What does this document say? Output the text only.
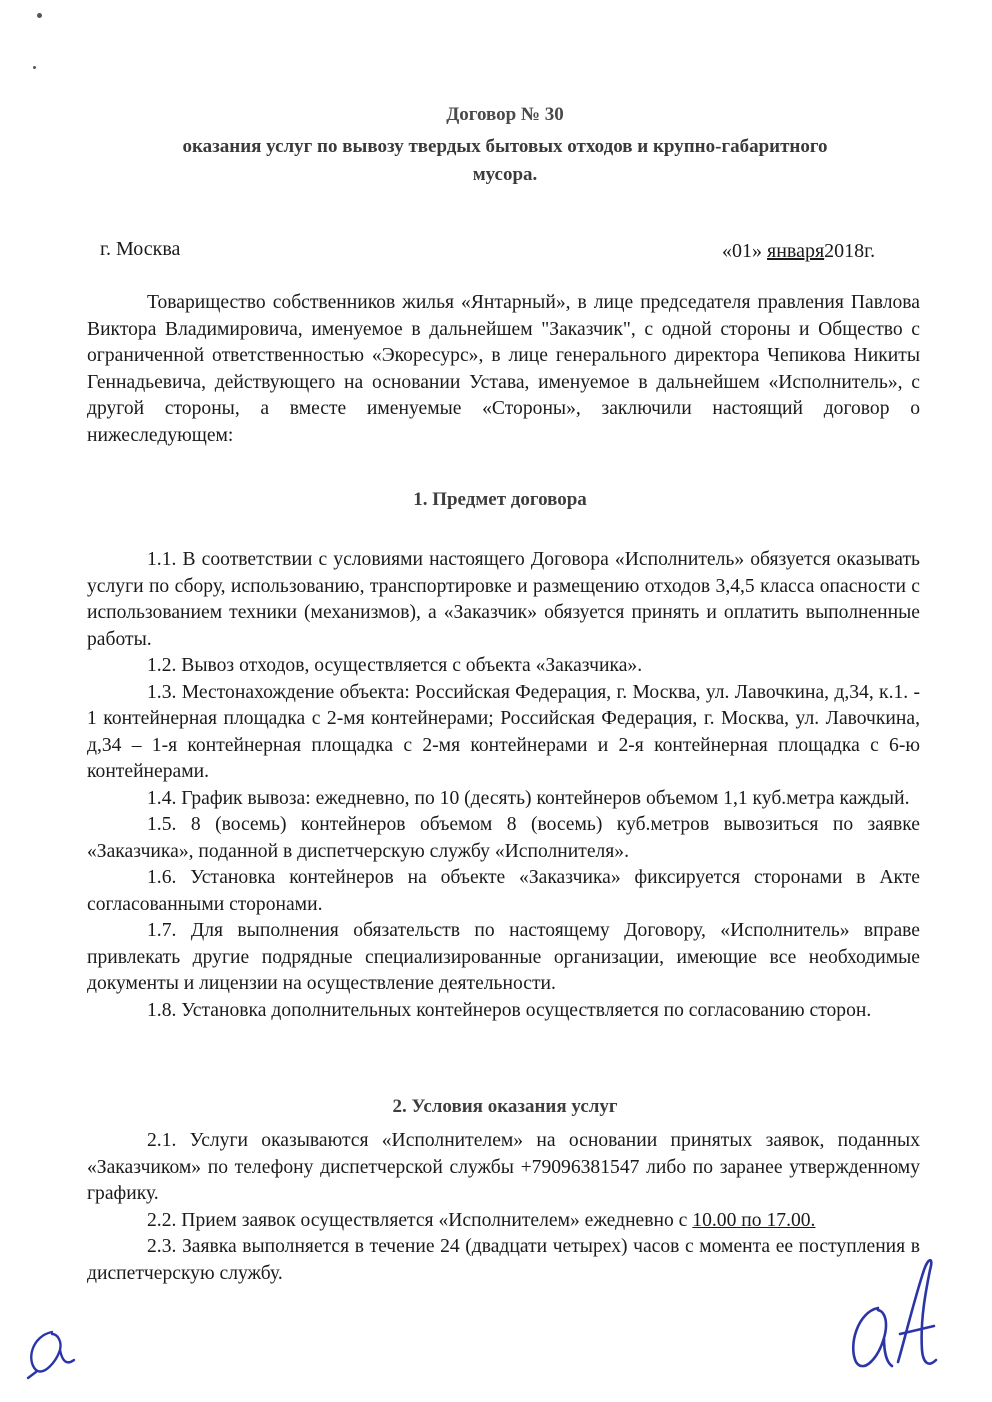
Договор № 30
оказания услуг по вывозу твердых бытовых отходов и крупно-габаритного
мусора.
г. Москва	«01» января2018г.

Товарищество собственников жилья «Янтарный», в лице председателя правления Павлова Виктора Владимировича, именуемое в дальнейшем "Заказчик", с одной стороны и Общество с ограниченной ответственностью «Экоресурс», в лице генерального директора Чепикова Никиты Геннадьевича, действующего на основании Устава, именуемое в дальнейшем «Исполнитель», с другой стороны, а вместе именуемые «Стороны», заключили настоящий договор о нижеследующем:

1. Предмет договора

1.1. В соответствии с условиями настоящего Договора «Исполнитель» обязуется оказывать услуги по сбору, использованию, транспортировке и размещению отходов 3,4,5 класса опасности с использованием техники (механизмов), а «Заказчик» обязуется принять и оплатить выполненные работы.

1.2. Вывоз отходов, осуществляется с объекта «Заказчика».

1.3. Местонахождение объекта: Российская Федерация, г. Москва, ул. Лавочкина, д,34, к.1. - 1 контейнерная площадка с 2-мя контейнерами; Российская Федерация, г. Москва, ул. Лавочкина, д,34 – 1-я контейнерная площадка с 2-мя контейнерами и 2-я контейнерная площадка с 6-ю контейнерами.

1.4. График вывоза: ежедневно, по 10 (десять) контейнеров объемом 1,1 куб.метра каждый.

1.5. 8 (восемь) контейнеров объемом 8 (восемь) куб.метров вывозиться по заявке «Заказчика», поданной в диспетчерскую службу «Исполнителя».

1.6. Установка контейнеров на объекте «Заказчика» фиксируется сторонами в Акте согласованными сторонами.

1.7. Для выполнения обязательств по настоящему Договору, «Исполнитель» вправе привлекать другие подрядные специализированные организации, имеющие все необходимые документы и лицензии на осуществление деятельности.

1.8. Установка дополнительных контейнеров осуществляется по согласованию сторон.

2. Условия оказания услуг

2.1. Услуги оказываются «Исполнителем» на основании принятых заявок, поданных «Заказчиком» по телефону диспетчерской службы +79096381547 либо по заранее утвержденному графику.

2.2. Прием заявок осуществляется «Исполнителем» ежедневно с 10.00 по 17.00.

2.3. Заявка выполняется в течение 24 (двадцати четырех) часов с момента ее поступления в диспетчерскую службу.
